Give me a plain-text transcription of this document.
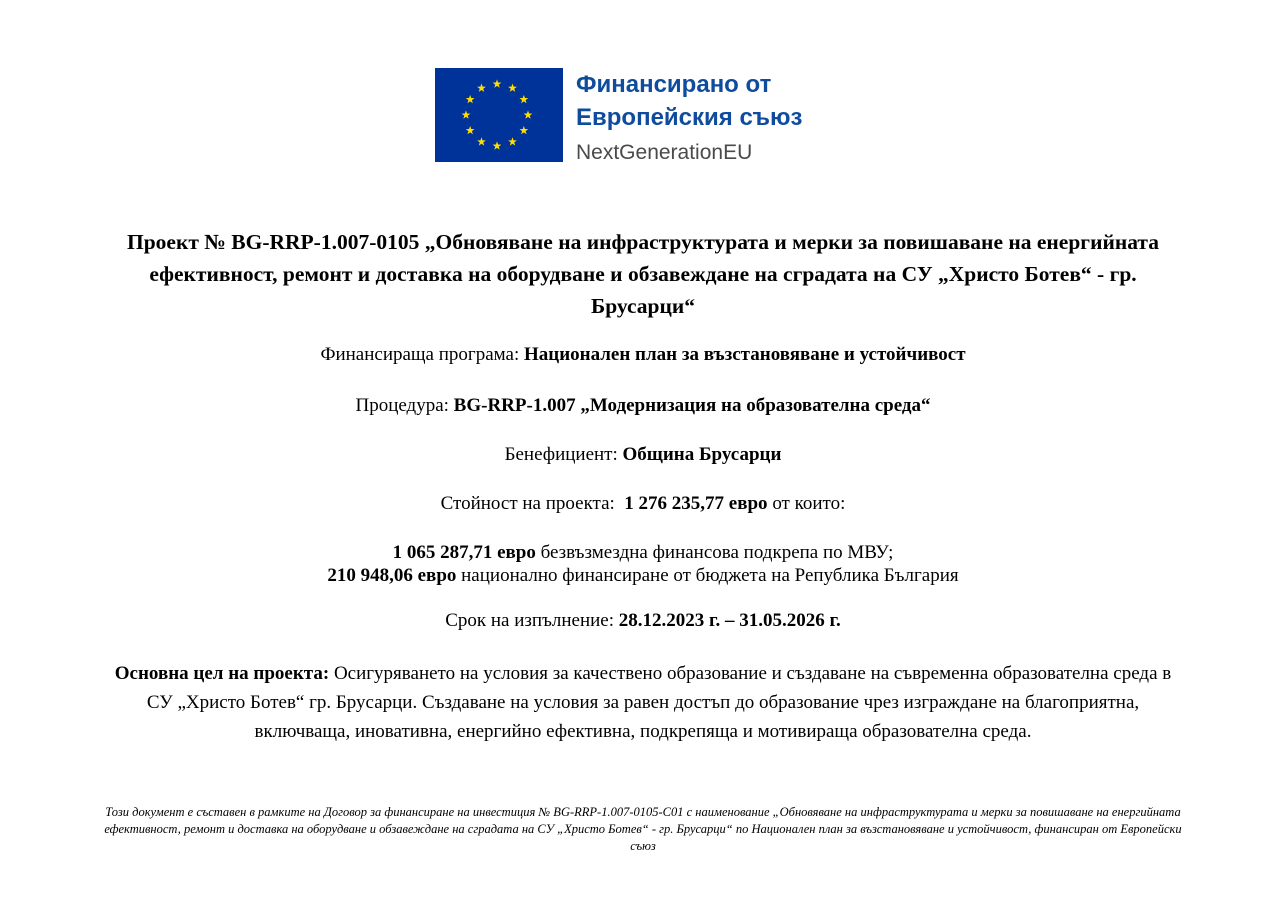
Финансирано от
Европейския съюз
NextGenerationEU
Проект № BG-RRP-1.007-0105 „Обновяване на инфраструктурата и мерки за повишаване на енергийната ефективност, ремонт и доставка на оборудване и обзавеждане на сградата на СУ „Христо Ботев“ - гр. Брусарци“
Финансираща програма: Национален план за възстановяване и устойчивост
Процедура: BG-RRP-1.007 „Модернизация на образователна среда“
Бенефициент: Община Брусарци
Стойност на проекта:  1 276 235,77 евро от които:
1 065 287,71 евро безвъзмездна финансова подкрепа по МВУ;
210 948,06 евро национално финансиране от бюджета на Република България
Срок на изпълнение: 28.12.2023 г. – 31.05.2026 г.
Основна цел на проекта: Осигуряването на условия за качествено образование и създаване на съвременна образователна среда в СУ „Христо Ботев“ гр. Брусарци. Създаване на условия за равен достъп до образование чрез изграждане на благоприятна, включваща, иновативна, енергийно ефективна, подкрепяща и мотивираща образователна среда.
Този документ е съставен в рамките на Договор за финансиране на инвестиция № BG-RRP-1.007-0105-C01 с наименование „Обновяване на инфраструктурата и мерки за повишаване на енергийната ефективност, ремонт и доставка на оборудване и обзавеждане на сградата на СУ „Христо Ботев“ - гр. Брусарци“ по Национален план за възстановяване и устойчивост, финансиран от Европейски съюз
